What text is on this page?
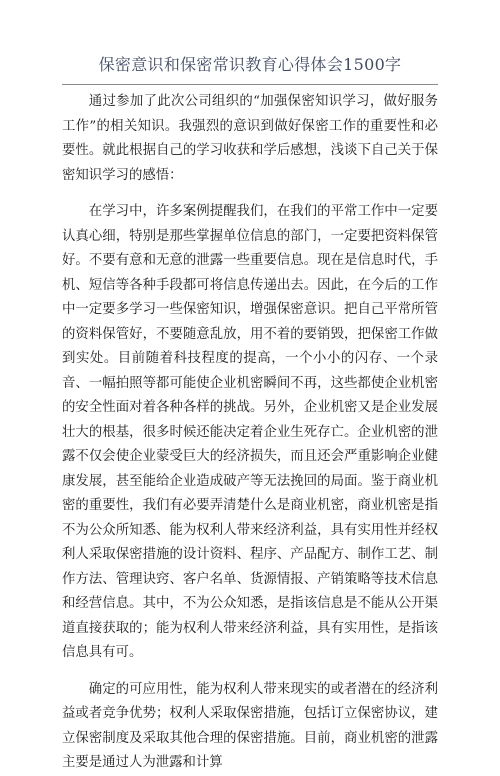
保密意识和保密常识教育心得体会1500字

通过参加了此次公司组织的“加强保密知识学习，做好服务工作”的相关知识。我强烈的意识到做好保密工作的重要性和必要性。就此根据自己的学习收获和学后感想，浅谈下自己关于保密知识学习的感悟：

在学习中，许多案例提醒我们，在我们的平常工作中一定要认真心细，特别是那些掌握单位信息的部门，一定要把资料保管好。不要有意和无意的泄露一些重要信息。现在是信息时代，手机、短信等各种手段都可将信息传递出去。因此，在今后的工作中一定要多学习一些保密知识，增强保密意识。把自己平常所管的资料保管好，不要随意乱放，用不着的要销毁，把保密工作做到实处。目前随着科技程度的提高，一个小小的闪存、一个录音、一幅拍照等都可能使企业机密瞬间不再，这些都使企业机密的安全性面对着各种各样的挑战。另外，企业机密又是企业发展壮大的根基，很多时候还能决定着企业生死存亡。企业机密的泄露不仅会使企业蒙受巨大的经济损失，而且还会严重影响企业健康发展，甚至能给企业造成破产等无法挽回的局面。鉴于商业机密的重要性，我们有必要弄清楚什么是商业机密，商业机密是指不为公众所知悉、能为权利人带来经济利益，具有实用性并经权利人采取保密措施的设计资料、程序、产品配方、制作工艺、制作方法、管理诀窍、客户名单、货源情报、产销策略等技术信息和经营信息。其中，不为公众知悉，是指该信息是不能从公开渠道直接获取的；能为权利人带来经济利益，具有实用性，是指该信息具有可。

确定的可应用性，能为权利人带来现实的或者潜在的经济利益或者竞争优势；权利人采取保密措施，包括订立保密协议，建立保密制度及采取其他合理的保密措施。目前，商业机密的泄露主要是通过人为泄露和计算
